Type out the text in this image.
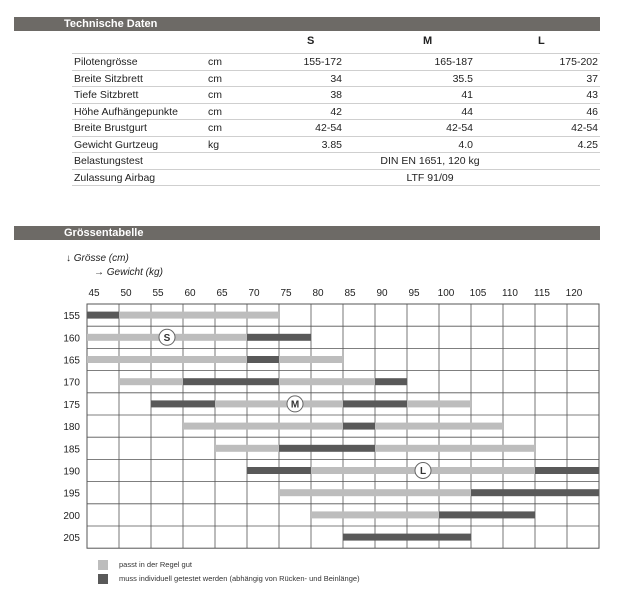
Technische Daten
S	M	L
Pilotengrösse	cm	155-172	165-187	175-202
Breite Sitzbrett	cm	34	35.5	37
Tiefe Sitzbrett	cm	38	41	43
Höhe Aufhängepunkte	cm	42	44	46
Breite Brustgurt	cm	42-54	42-54	42-54
Gewicht Gurtzeug	kg	3.85	4.0	4.25
Belastungstest	DIN EN 1651, 120 kg
Zulassung Airbag	LTF 91/09
Grössentabelle
↓ Grösse (cm)
→ Gewicht (kg)
45 50 55 60 65 70 75 80 85 90 95 100 105 110 115 120
155
160
165
170
175
180
185
190
195
200
205
S
M
L
passt in der Regel gut
muss individuell getestet werden (abhängig von Rücken- und Beinlänge)
